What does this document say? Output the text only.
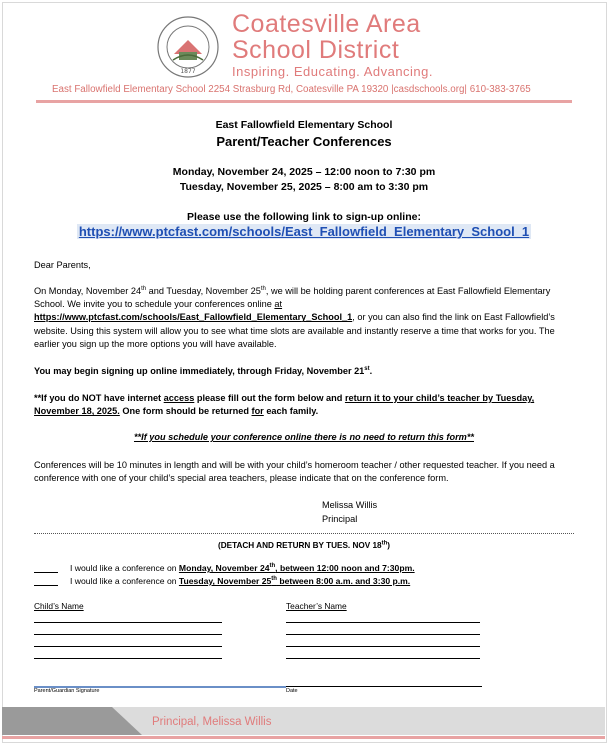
1877
Coatesville Area
School District
Inspiring. Educating. Advancing.
East Fallowfield Elementary School 2254 Strasburg Rd, Coatesville PA 19320 |casdschools.org| 610-383-3765
East Fallowfield Elementary School
Parent/Teacher Conferences
Monday, November 24, 2025 – 12:00 noon to 7:30 pm
Tuesday, November 25, 2025 – 8:00 am to 3:30 pm
Please use the following link to sign-up online:
https://www.ptcfast.com/schools/East_Fallowfield_Elementary_School_1
Dear Parents,
On Monday, November 24th and Tuesday, November 25th, we will be holding parent conferences at East Fallowfield Elementary School. We invite you to schedule your conferences online at https://www.ptcfast.com/schools/East_Fallowfield_Elementary_School_1, or you can also find the link on East Fallowfield’s website. Using this system will allow you to see what time slots are available and instantly reserve a time that works for you. The earlier you sign up the more options you will have available.
You may begin signing up online immediately, through Friday, November 21st.
**If you do NOT have internet access please fill out the form below and return it to your child’s teacher by Tuesday, November 18, 2025. One form should be returned for each family.
**If you schedule your conference online there is no need to return this form**
Conferences will be 10 minutes in length and will be with your child’s homeroom teacher / other requested teacher. If you need a conference with one of your child’s special area teachers, please indicate that on the conference form.
Melissa Willis
Principal
(DETACH AND RETURN BY TUES. NOV 18th)
I would like a conference on Monday, November 24th, between 12:00 noon and 7:30pm.
I would like a conference on Tuesday, November 25th between 8:00 a.m. and 3:30 p.m.
Child’s Name	Teacher’s Name
Parent/Guardian Signature	Date
Principal, Melissa Willis
